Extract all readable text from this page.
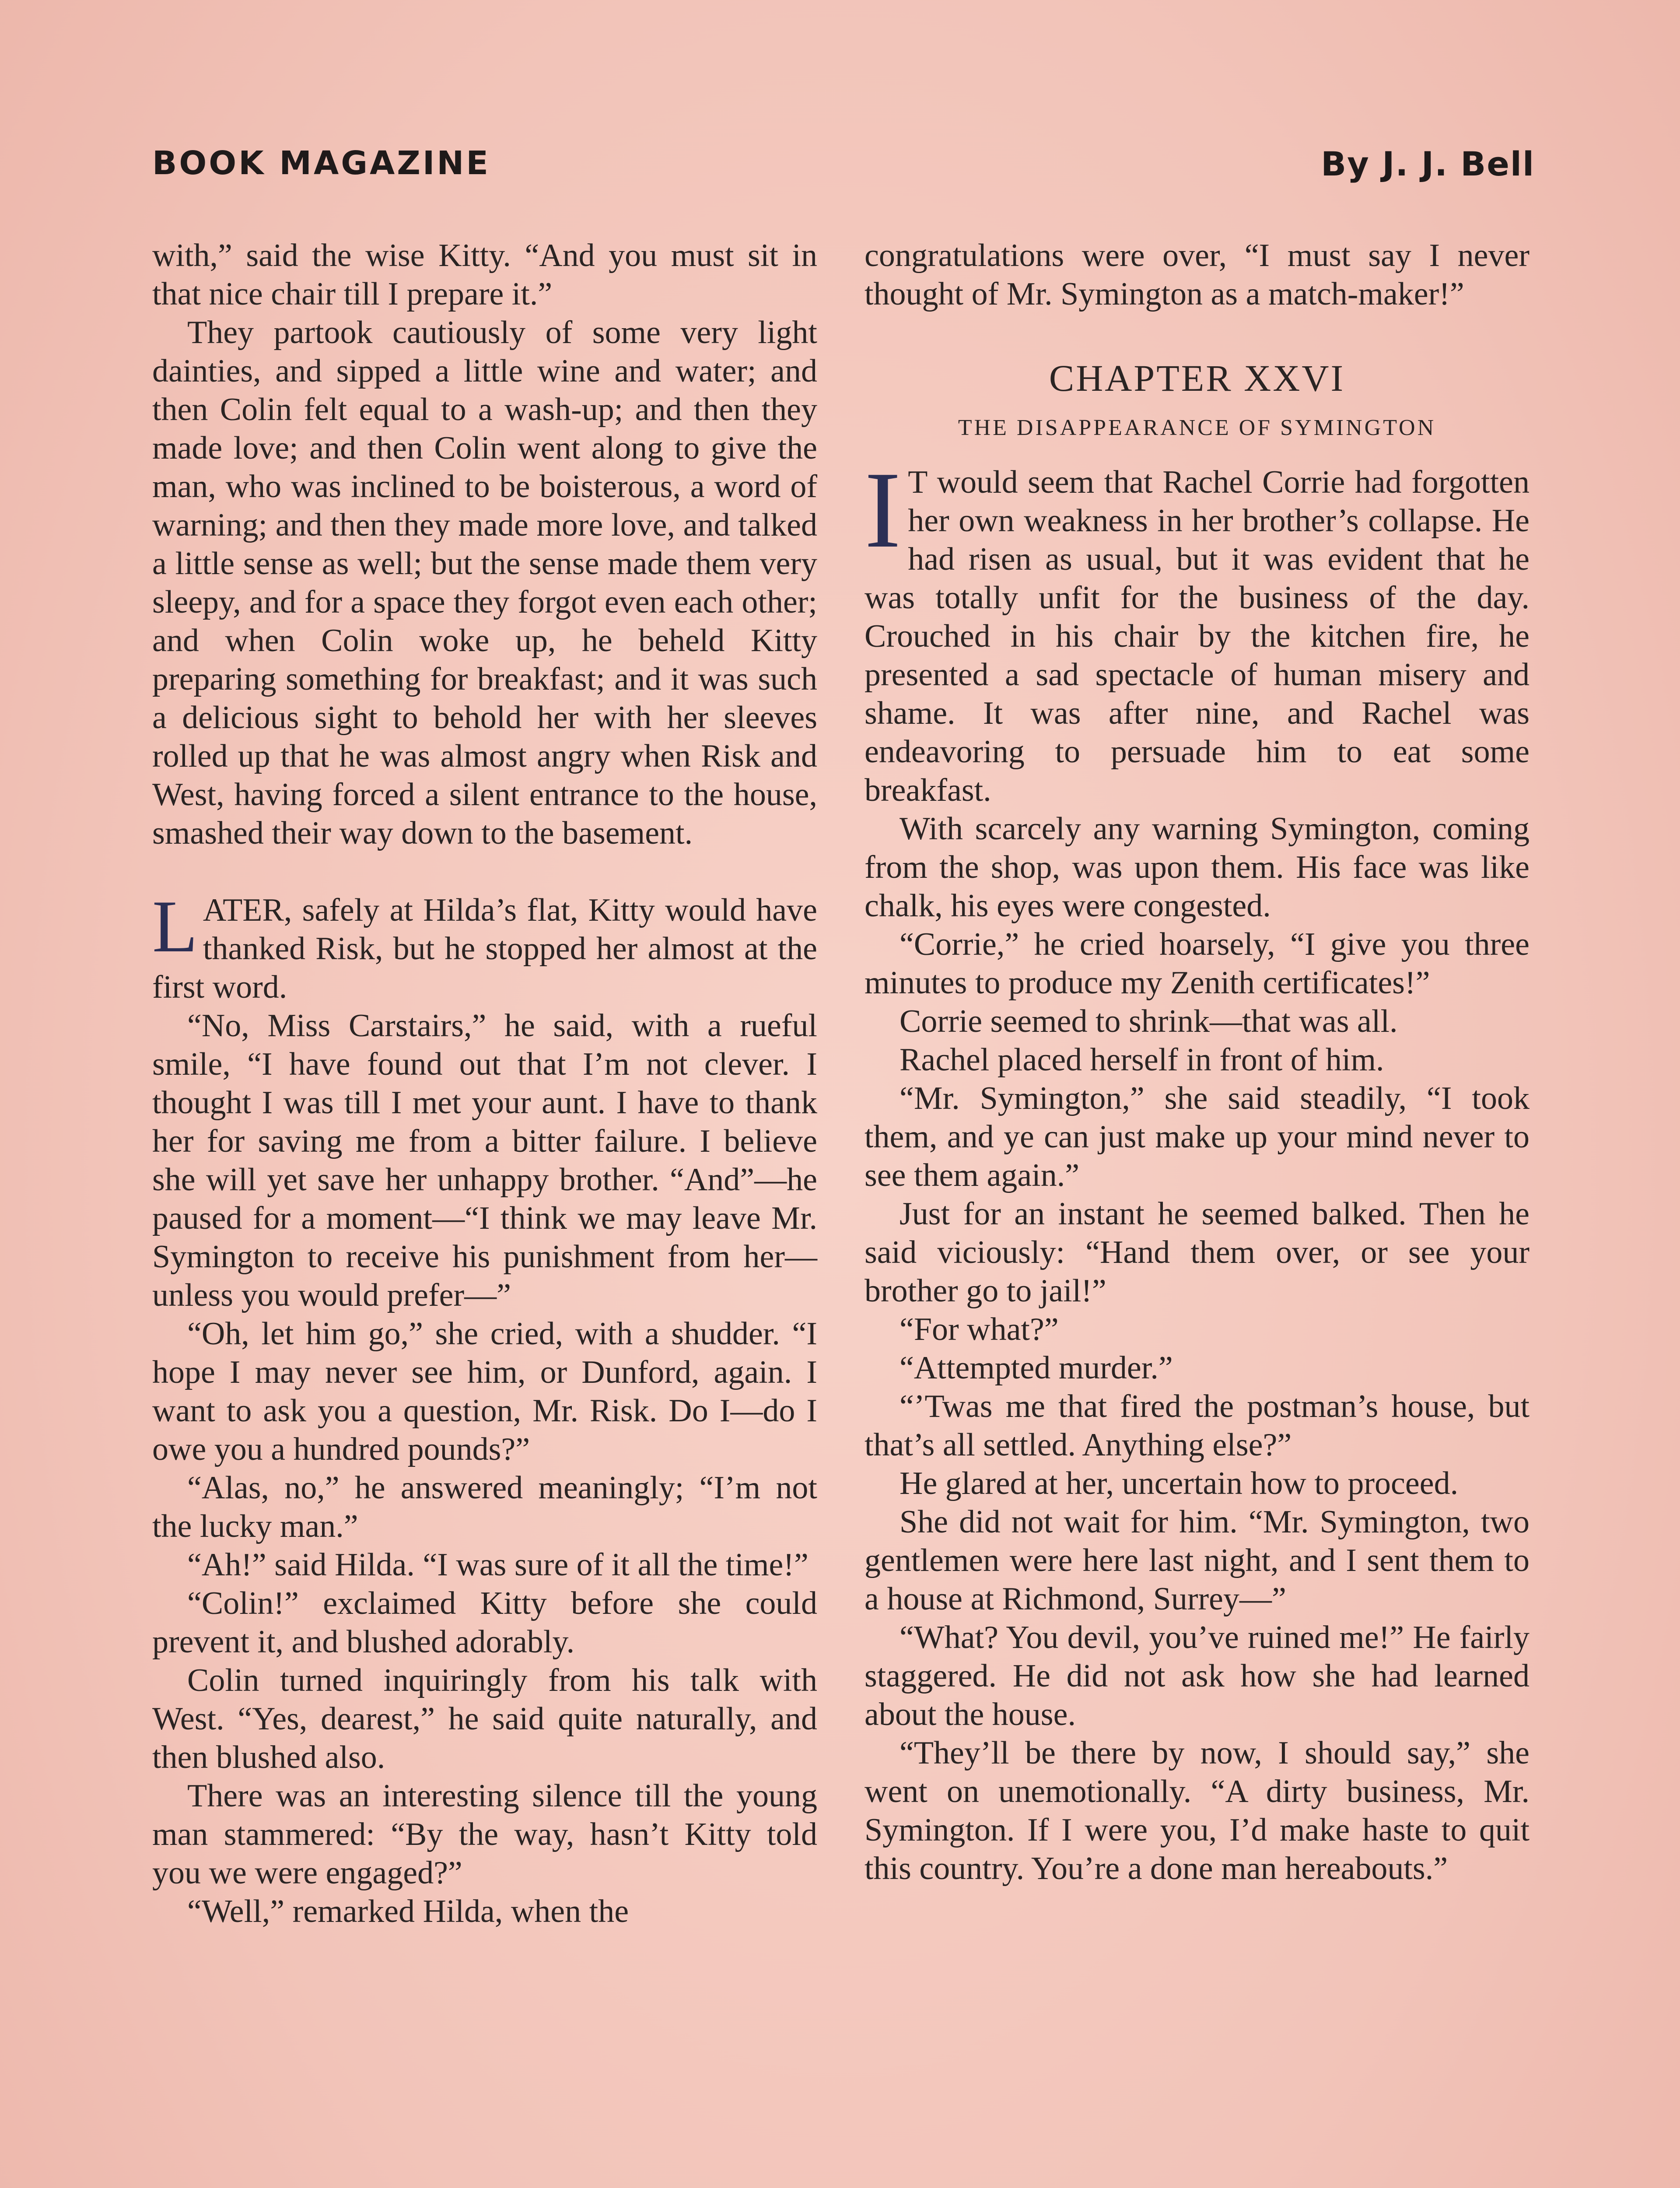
BOOK MAGAZINE	By J. J. Bell

with,” said the wise Kitty. “And you must sit in that nice chair till I prepare it.”

They partook cautiously of some very light dainties, and sipped a little wine and water; and then Colin felt equal to a wash-up; and then they made love; and then Colin went along to give the man, who was inclined to be boisterous, a word of warning; and then they made more love, and talked a little sense as well; but the sense made them very sleepy, and for a space they forgot even each other; and when Colin woke up, he beheld Kitty preparing something for breakfast; and it was such a delicious sight to behold her with her sleeves rolled up that he was almost angry when Risk and West, having forced a silent entrance to the house, smashed their way down to the basement.

LATER, safely at Hilda’s flat, Kitty would have thanked Risk, but he stopped her almost at the first word.

“No, Miss Carstairs,” he said, with a rueful smile, “I have found out that I’m not clever. I thought I was till I met your aunt. I have to thank her for saving me from a bitter failure. I believe she will yet save her unhappy brother. “And”—he paused for a moment—“I think we may leave Mr. Symington to receive his punishment from her—unless you would prefer—”

“Oh, let him go,” she cried, with a shudder. “I hope I may never see him, or Dunford, again. I want to ask you a question, Mr. Risk. Do I—do I owe you a hundred pounds?”

“Alas, no,” he answered meaningly; “I’m not the lucky man.”

“Ah!” said Hilda. “I was sure of it all the time!”

“Colin!” exclaimed Kitty before she could prevent it, and blushed adorably.

Colin turned inquiringly from his talk with West. “Yes, dearest,” he said quite naturally, and then blushed also.

There was an interesting silence till the young man stammered: “By the way, hasn’t Kitty told you we were engaged?”

“Well,” remarked Hilda, when the

congratulations were over, “I must say I never thought of Mr. Symington as a match-maker!”

CHAPTER XXVI
THE DISAPPEARANCE OF SYMINGTON

I T would seem that Rachel Corrie had forgotten her own weakness in her brother’s collapse. He had risen as usual, but it was evident that he was totally unfit for the business of the day. Crouched in his chair by the kitchen fire, he presented a sad spectacle of human misery and shame. It was after nine, and Rachel was endeavoring to persuade him to eat some breakfast.

With scarcely any warning Symington, coming from the shop, was upon them. His face was like chalk, his eyes were congested.

“Corrie,” he cried hoarsely, “I give you three minutes to produce my Zenith certificates!”

Corrie seemed to shrink—that was all.

Rachel placed herself in front of him.

“Mr. Symington,” she said steadily, “I took them, and ye can just make up your mind never to see them again.”

Just for an instant he seemed balked. Then he said viciously: “Hand them over, or see your brother go to jail!”

“For what?”

“Attempted murder.”

“’Twas me that fired the postman’s house, but that’s all settled. Anything else?”

He glared at her, uncertain how to proceed.

She did not wait for him. “Mr. Symington, two gentlemen were here last night, and I sent them to a house at Richmond, Surrey—”

“What? You devil, you’ve ruined me!” He fairly staggered. He did not ask how she had learned about the house.

“They’ll be there by now, I should say,” she went on unemotionally. “A dirty business, Mr. Symington. If I were you, I’d make haste to quit this country. You’re a done man hereabouts.”
